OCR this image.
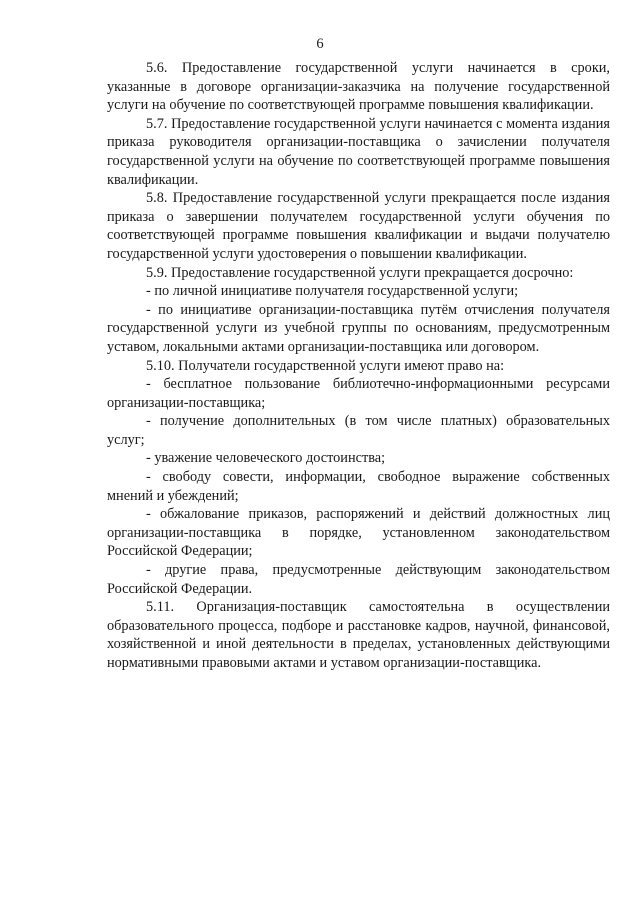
6

5.6. Предоставление государственной услуги начинается в сроки, указанные в договоре организации-заказчика на получение государственной услуги на обучение по соответствующей программе повышения квалификации.

5.7. Предоставление государственной услуги начинается с момента издания приказа руководителя организации-поставщика о зачислении получателя государственной услуги на обучение по соответствующей программе повышения квалификации.

5.8. Предоставление государственной услуги прекращается после издания приказа о завершении получателем государственной услуги обучения по соответствующей программе повышения квалификации и выдачи получателю государственной услуги удостоверения о повышении квалификации.

5.9. Предоставление государственной услуги прекращается досрочно:

- по личной инициативе получателя государственной услуги;

- по инициативе организации-поставщика путём отчисления получателя государственной услуги из учебной группы по основаниям, предусмотренным уставом, локальными актами организации-поставщика или договором.

5.10. Получатели государственной услуги имеют право на:

- бесплатное пользование библиотечно-информационными ресурсами организации-поставщика;

- получение дополнительных (в том числе платных) образовательных услуг;

- уважение человеческого достоинства;

- свободу совести, информации, свободное выражение собственных мнений и убеждений;

- обжалование приказов, распоряжений и действий должностных лиц организации-поставщика в порядке, установленном законодательством Российской Федерации;

- другие права, предусмотренные действующим законодательством Российской Федерации.

5.11. Организация-поставщик самостоятельна в осуществлении образовательного процесса, подборе и расстановке кадров, научной, финансовой, хозяйственной и иной деятельности в пределах, установленных действующими нормативными правовыми актами и уставом организации-поставщика.
